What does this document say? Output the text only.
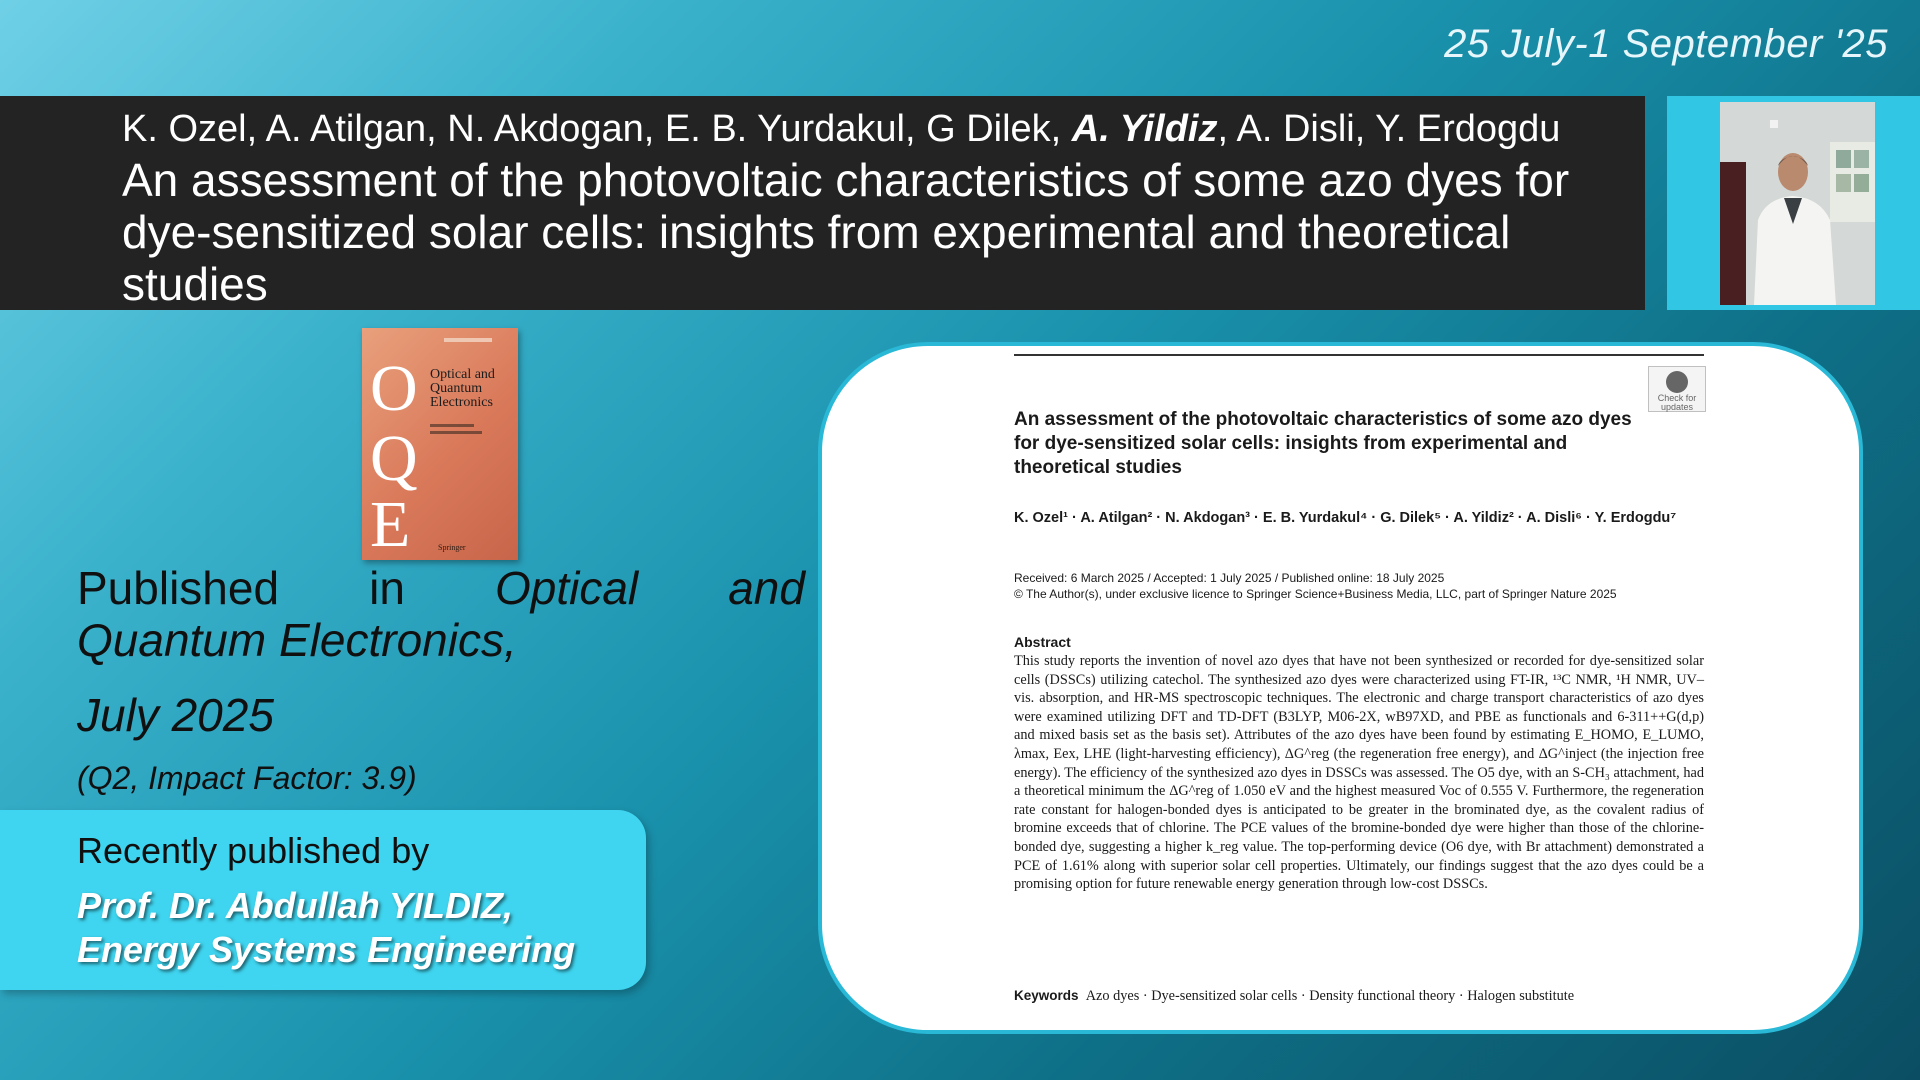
25 July-1 September '25
K. Ozel, A. Atilgan, N. Akdogan, E. B. Yurdakul, G Dilek, A. Yildiz, A. Disli, Y. Erdogdu
An assessment of the photovoltaic characteristics of some azo dyes for dye-sensitized solar cells: insights from experimental and theoretical studies
O
Q
E
Optical and
Quantum
Electronics
Springer
Published in Optical and
Quantum Electronics,
July 2025
(Q2, Impact Factor: 3.9)
Recently published by
Prof. Dr. Abdullah YILDIZ,
Energy Systems Engineering
Check for
updates
An assessment of the photovoltaic characteristics of some azo dyes for dye-sensitized solar cells: insights from experimental and theoretical studies
K. Ozel¹ · A. Atilgan² · N. Akdogan³ · E. B. Yurdakul⁴ · G. Dilek⁵ · A. Yildiz² · A. Disli⁶ · Y. Erdogdu⁷
Received: 6 March 2025 / Accepted: 1 July 2025 / Published online: 18 July 2025
© The Author(s), under exclusive licence to Springer Science+Business Media, LLC, part of Springer Nature 2025
Abstract
This study reports the invention of novel azo dyes that have not been synthesized or recorded for dye-sensitized solar cells (DSSCs) utilizing catechol. The synthesized azo dyes were characterized using FT-IR, ¹³C NMR, ¹H NMR, UV–vis. absorption, and HR-MS spectroscopic techniques. The electronic and charge transport characteristics of azo dyes were examined utilizing DFT and TD-DFT (B3LYP, M06-2X, wB97XD, and PBE as functionals and 6-311++G(d,p) and mixed basis set as the basis set). Attributes of the azo dyes have been found by estimating E_HOMO, E_LUMO, λmax, Eex, LHE (light-harvesting efficiency), ΔG^reg (the regeneration free energy), and ΔG^inject (the injection free energy). The efficiency of the synthesized azo dyes in DSSCs was assessed. The O5 dye, with an S-CH₃ attachment, had a theoretical minimum the ΔG^reg of 1.050 eV and the highest measured Voc of 0.555 V. Furthermore, the regeneration rate constant for halogen-bonded dyes is anticipated to be greater in the brominated dye, as the covalent radius of bromine exceeds that of chlorine. The PCE values of the bromine-bonded dye were higher than those of the chlorine-bonded dye, suggesting a higher k_reg value. The top-performing device (O6 dye, with Br attachment) demonstrated a PCE of 1.61% along with superior solar cell properties. Ultimately, our findings suggest that the azo dyes could be a promising option for future renewable energy generation through low-cost DSSCs.
Keywords Azo dyes · Dye-sensitized solar cells · Density functional theory · Halogen substitute
